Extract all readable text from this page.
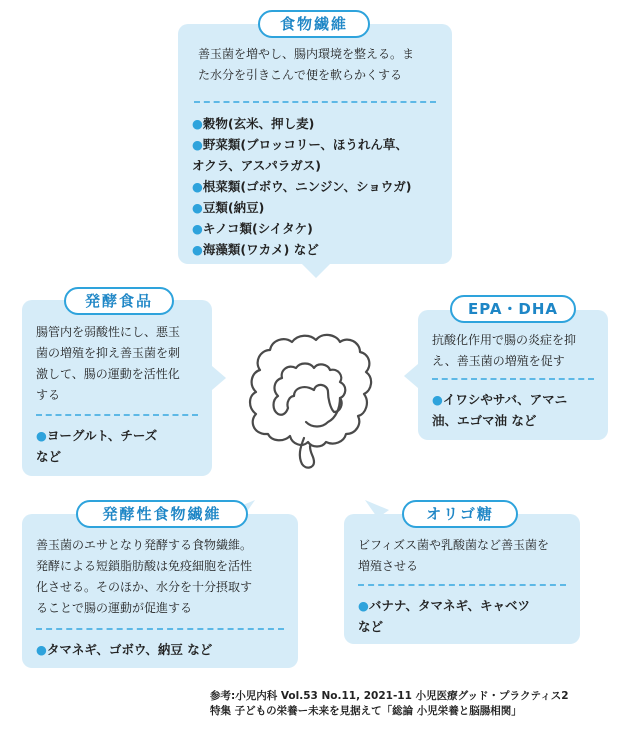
食物繊維
善玉菌を増やし、腸内環境を整える。ま
た水分を引きこんで便を軟らかくする
● 穀物(玄米、押し麦)
● 野菜類(ブロッコリー、ほうれん草、
オクラ、アスパラガス)
● 根菜類(ゴボウ、ニンジン、ショウガ)
● 豆類(納豆)
● キノコ類(シイタケ)
● 海藻類(ワカメ) など
発酵食品
腸管内を弱酸性にし、悪玉
菌の増殖を抑え善玉菌を刺
激して、腸の運動を活性化
する
● ヨーグルト、チーズ
など
EPA・DHA
抗酸化作用で腸の炎症を抑
え、善玉菌の増殖を促す
● イワシやサバ、アマニ
油、エゴマ油 など
発酵性食物繊維
善玉菌のエサとなり発酵する食物繊維。
発酵による短鎖脂肪酸は免疫細胞を活性
化させる。そのほか、水分を十分摂取す
ることで腸の運動が促進する
● タマネギ、ゴボウ、納豆 など
オリゴ糖
ビフィズス菌や乳酸菌など善玉菌を
増殖させる
● バナナ、タマネギ、キャベツ
など
参考:小児内科 Vol.53 No.11, 2021-11 小児医療グッド・プラクティス2
特集 子どもの栄養ー未来を見据えて「総論 小児栄養と脳腸相関」
